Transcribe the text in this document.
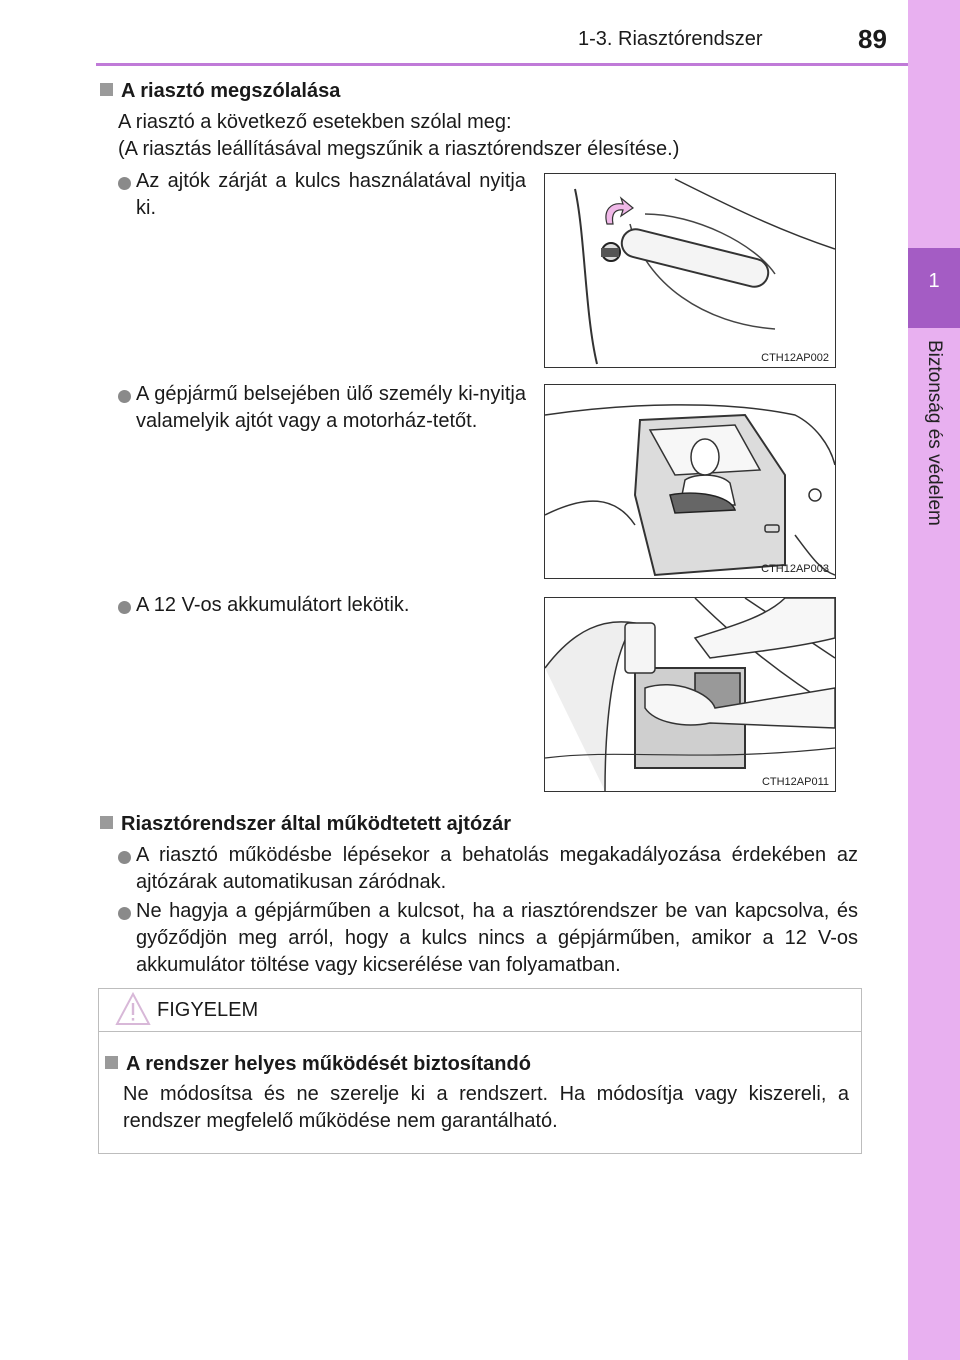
1-3. Riasztórendszer	89
1
Biztonság és védelem
A riasztó megszólalása
A riasztó a következő esetekben szólal meg:
(A riasztás leállításával megszűnik a riasztórendszer élesítése.)
Az ajtók zárját a kulcs használatával nyitja ki.
CTH12AP002
A gépjármű belsejében ülő személy ki-nyitja valamelyik ajtót vagy a motorház-tetőt.
CTH12AP003
A 12 V-os akkumulátort lekötik.
CTH12AP011
Riasztórendszer által működtetett ajtózár
A riasztó működésbe lépésekor a behatolás megakadályozása érdekében az ajtózárak automatikusan záródnak.
Ne hagyja a gépjárműben a kulcsot, ha a riasztórendszer be van kapcsolva, és győződjön meg arról, hogy a kulcs nincs a gépjárműben, amikor a 12 V-os akkumulátor töltése vagy kicserélése van folyamatban.
FIGYELEM
A rendszer helyes működését biztosítandó
Ne módosítsa és ne szerelje ki a rendszert. Ha módosítja vagy kiszereli, a rendszer megfelelő működése nem garantálható.
